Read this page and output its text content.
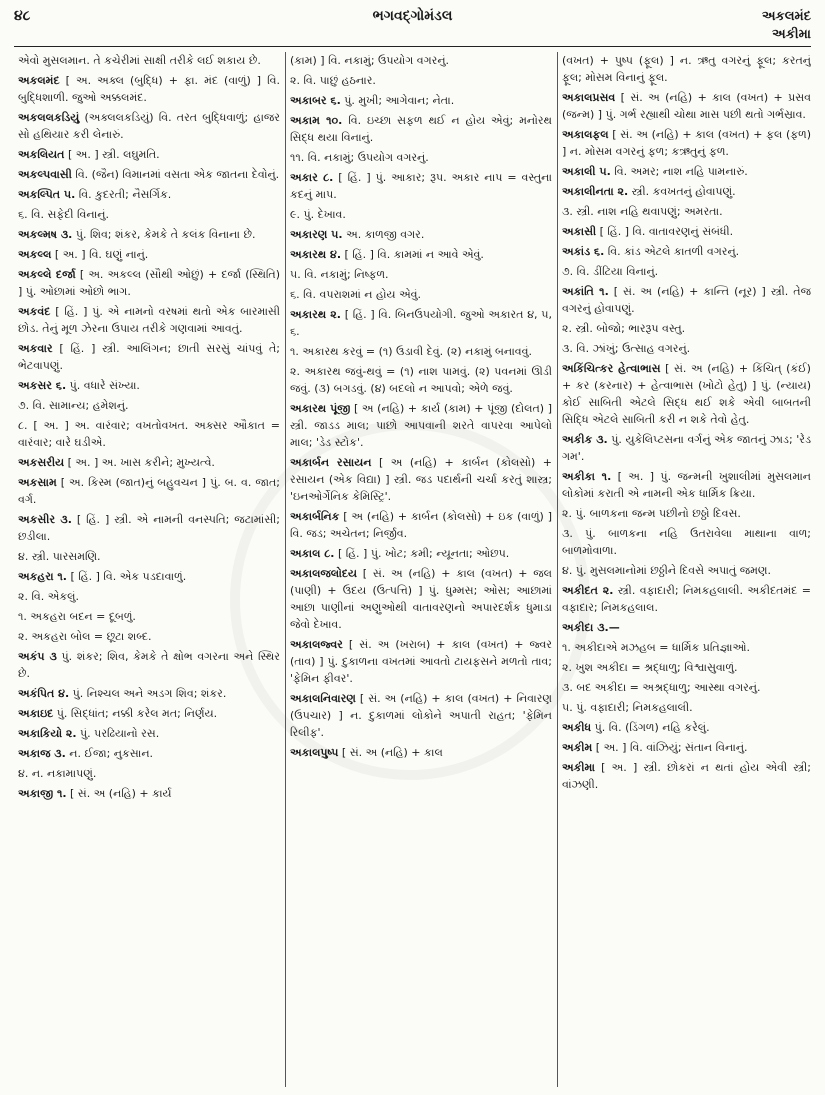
૪૮	ભગવદ્ગોમંડલ	અકલમંદ
અકીમા

એવો મુસલમાન. તે કચેરીમાં સાક્ષી તરીકે લઈ શકાય છે.

અકલમંદ [ અ. અક્લ (બુદ્ધિ) + ફા. મંદ (વાળું) ] વિ. બુદ્ધિશાળી. જુઓ અક્કલમંદ.

અકલલકડિયું (અક્લલકડિયું) વિ. તરત બુદ્ધિવાળું; હાજર સો હથિયાર કરી લેનારું.

અકલિયત [ અ. ] સ્ત્રી. લઘુમતિ.

અકલ્પવાસી વિ. (જૈન) વિમાનમાં વસતા એક જાતના દેવોનું.

અકલ્પિત ૫. વિ. કુદરતી; નૈસર્ગિક.

૬. વિ. સફેદી વિનાનું.

અકલ્મષ ૩. પું. શિવ; શંકર, કેમકે તે કલંક વિનાના છે.

અકલ્લ [ અ. ] વિ. ઘણું નાનું.

અકલ્લે દર્જા [ અ. અકલ્લ (સૌથી ઓછું) + દર્જા (સ્થિતિ) ] પું. ઓછામાં ઓછો ભાગ.

અકવંદ [ હિં. ] પું. એ નામનો વરષમાં થતો એક બારમાસી છોડ. તેનું મૂળ ઝેરના ઉપાય તરીકે ગણવામાં આવતું.

અકવાર [ હિં. ] સ્ત્રી. આલિંગન; છાતી સરસું ચાંપવું તે; ભેટવાપણું.

અકસર ૬. પું. વધારે સંખ્યા.

૭. વિ. સામાન્ય; હમેશનું.

૮. [ અ. ] અ. વારંવાર; વખતોવખત. અક્સર ઔકાત = વારંવાર; વારે ઘડીએ.

અકસરીય [ અ. ] અ. ખાસ કરીને; મુખ્યત્વે.

અકસામ [ અ. કિસ્મ (જાત)નું બહુવચન ] પું. બ. વ. જાત; વર્ગ.

અકસીર ૩. [ હિં. ] સ્ત્રી. એ નામની વનસ્પતિ; જટામાંસી; છડીલા.

૪. સ્ત્રી. પારસમણિ.

અકહરા ૧. [ હિં. ] વિ. એક પડદાવાળું.

૨. વિ. એકલું.

૧. અકહરા બદન = દૂબળું.

૨. અકહરા બોલ = છૂટા શબ્દ.

અકંપ ૩ પું. શંકર; શિવ, કેમકે તે ક્ષોભ વગરના અને સ્થિર છે.

અકંપિત ૪. પું. નિશ્ચલ અને અડગ શિવ; શંકર.

અકાઇદ પું. સિદ્ધાંત; નક્કી કરેલ મત; નિર્ણય.

અકાકિયો ૨. પું. પરઢિયાનો રસ.

અકાજ ૩. ન. ઈજા; નુકસાન.

૪. ન. નકામાપણું.

અકાજી ૧. [ સં. અ (નહિ) + કાર્ય

(કામ) ] વિ. નકામું; ઉપયોગ વગરનું.

૨. વિ. પાછું હઠનાર.

અકાબર ૬. પું. મુખી; આગેવાન; નેતા.

અકામ ૧૦. વિ. ઇચ્છા સફળ થઈ ન હોય એવું; મનોરથ સિદ્ધ થયા વિનાનું.

૧૧. વિ. નકામું; ઉપયોગ વગરનું.

અકાર ૮. [ હિં. ] પું. આકાર; રૂપ. અકાર નાપ = વસ્તુના કદનું માપ.

૯. પું. દેખાવ.

અકારણ ૫. અ. કાળજી વગર.

અકારથ ૪. [ હિં. ] વિ. કામમાં ન આવે એવું.

૫. વિ. નકામું; નિષ્ફળ.

૬. વિ. વપરાશમાં ન હોય એવું.

અકારથ ૨. [ હિં. ] વિ. બિનઉપયોગી. જુઓ અકારત ૪, ૫, ૬.

૧. અકારથ કરવું = (૧) ઉડાવી દેવું. (૨) નકામું બનાવવું.

૨. અકારથ જવું-થવું = (૧) નાશ પામવું. (૨) પવનમાં ઊડી જવું. (૩) બગડવું. (૪) બદલો ન આપવો; એળે જવું.

અકારથ પૂંજી [ અ (નહિ) + કાર્ય (કામ) + પૂંજી (દોલત) ] સ્ત્રી. જાડડ માલ; પાછો આપવાની શરતે વાપરવા આપેલો માલ; 'ડેડ સ્ટોક'.

અકાર્બન રસાયન [ અ (નહિ) + કાર્બન (કોલસો) + રસાયન (એક વિદ્યા) ] સ્ત્રી. જડ પદાર્થની ચર્ચા કરતું શાસ્ત્ર; 'ઇનઓર્ગેનિક કેમિસ્ટ્રિ'.

અકાર્બનિક [ અ (નહિ) + કાર્બન (કોલસો) + ઇક (વાળું) ] વિ. જડ; અચેતન; નિર્જીવ.

અકાલ ૮. [ હિં. ] પું. ખોટ; કમી; ન્યૂનતા; ઓછપ.

અકાલજલોદય [ સં. અ (નહિ) + કાલ (વખત) + જલ (પાણી) + ઉદય (ઉત્પત્તિ) ] પું. ધુમ્મસ; ઓસ; આછામાં આછા પાણીનાં અણુઓથી વાતાવરણનો અપારદર્શક ધુમાડા જેવો દેખાવ.

અકાલજ્વર [ સં. અ (ખરાબ) + કાલ (વખત) + જ્વર (તાવ) ] પું. દુકાળના વખતમાં આવતો ટાયફસને મળતો તાવ; 'ફેમિન ફીવર'.

અકાલનિવારણ [ સં. અ (નહિ) + કાલ (વખત) + નિવારણ (ઉપચાર) ] ન. દુકાળમાં લોકોને અપાતી રાહત; 'ફેમિન રિલીફ'.

અકાલપુષ્પ [ સં. અ (નહિ) + કાલ

(વખત) + પુષ્પ (ફૂલ) ] ન. ઋતુ વગરનું ફૂલ; કરતનું ફૂલ; મોસમ વિનાનું ફૂલ.

અકાલપ્રસવ [ સં. અ (નહિ) + કાલ (વખત) + પ્રસવ (જન્મ) ] પું. ગર્ભ રહ્યાથી ચોથા માસ પછી થતો ગર્ભસ્રાવ.

અકાલફલ [ સં. અ (નહિ) + કાલ (વખત) + ફલ (ફળ) ] ન. મોસમ વગરનું ફળ; કઋતુનું ફળ.

અકાલી ૫. વિ. અમર; નાશ નહિ પામનારું.

અકાલીનતા ૨. સ્ત્રી. કવખતનું હોવાપણું.

૩. સ્ત્રી. નાશ નહિ થવાપણું; અમરતા.

અકાસી [ હિં. ] વિ. વાતાવરણનું સંબંધી.

અકાંડ ૬. વિ. કાંડ એટલે કાતળી વગરનું.

૭. વિ. ડીંટિયા વિનાનું.

અકાંતિ ૧. [ સં. અ (નહિ) + કાન્તિ (નૂર) ] સ્ત્રી. તેજ વગરનું હોવાપણું.

૨. સ્ત્રી. બોજો; ભારરૂપ વસ્તુ.

૩. વિ. ઝાંખું; ઉત્સાહ વગરનું.

અકિંચિત્કર હેત્વાભાસ [ સં. અ (નહિ) + કિંચિત્ (કંઈ) + કર (કરનાર) + હેત્વાભાસ (ખોટો હેતુ) ] પું. (ન્યાય) કોઈ સાબિતી એટલે સિદ્ધ થઈ શકે એવી બાબતની સિદ્ધિ એટલે સાબિતી કરી ન શકે તેવો હેતુ.

અકીક ૩. પું. યુકેલિપ્ટસના વર્ગનું એક જાતનું ઝાડ; 'રેડ ગમ'.

અકીકા ૧. [ અ. ] પું. જન્મની ખુશાલીમાં મુસલમાન લોકોમાં કરાતી એ નામની એક ધાર્મિક ક્રિયા.

૨. પું. બાળકના જન્મ પછીનો છઠ્ઠો દિવસ.

૩. પું. બાળકના નહિ ઉતરાવેલા માથાના વાળ; બાળમોવાળા.

૪. પું. મુસલમાનોમાં છઠ્ઠીને દિવસે અપાતું જમણ.

અકીદત ૨. સ્ત્રી. વફાદારી; નિમકહલાલી. અકીદતમંદ = વફાદાર; નિમકહલાલ.

અકીદા ૩.—

૧. અકીદાએ મઝહબ = ધાર્મિક પ્રતિજ્ઞાઓ.

૨. ખુશ અકીદા = શ્રદ્ધાળુ; વિશ્વાસુવાળું.

૩. બદ અકીદા = અશ્રદ્ધાળુ; આસ્થા વગરનું.

૫. પું. વફાદારી; નિમકહલાલી.

અકીધ પું. વિ. (ડિંગળ) નહિ કરેલું.

અકીમ [ અ. ] વિ. વાંઝિયું; સંતાન વિનાનું.

અકીમા [ અ. ] સ્ત્રી. છોકરાં ન થતાં હોય એવી સ્ત્રી; વાંઝણી.
